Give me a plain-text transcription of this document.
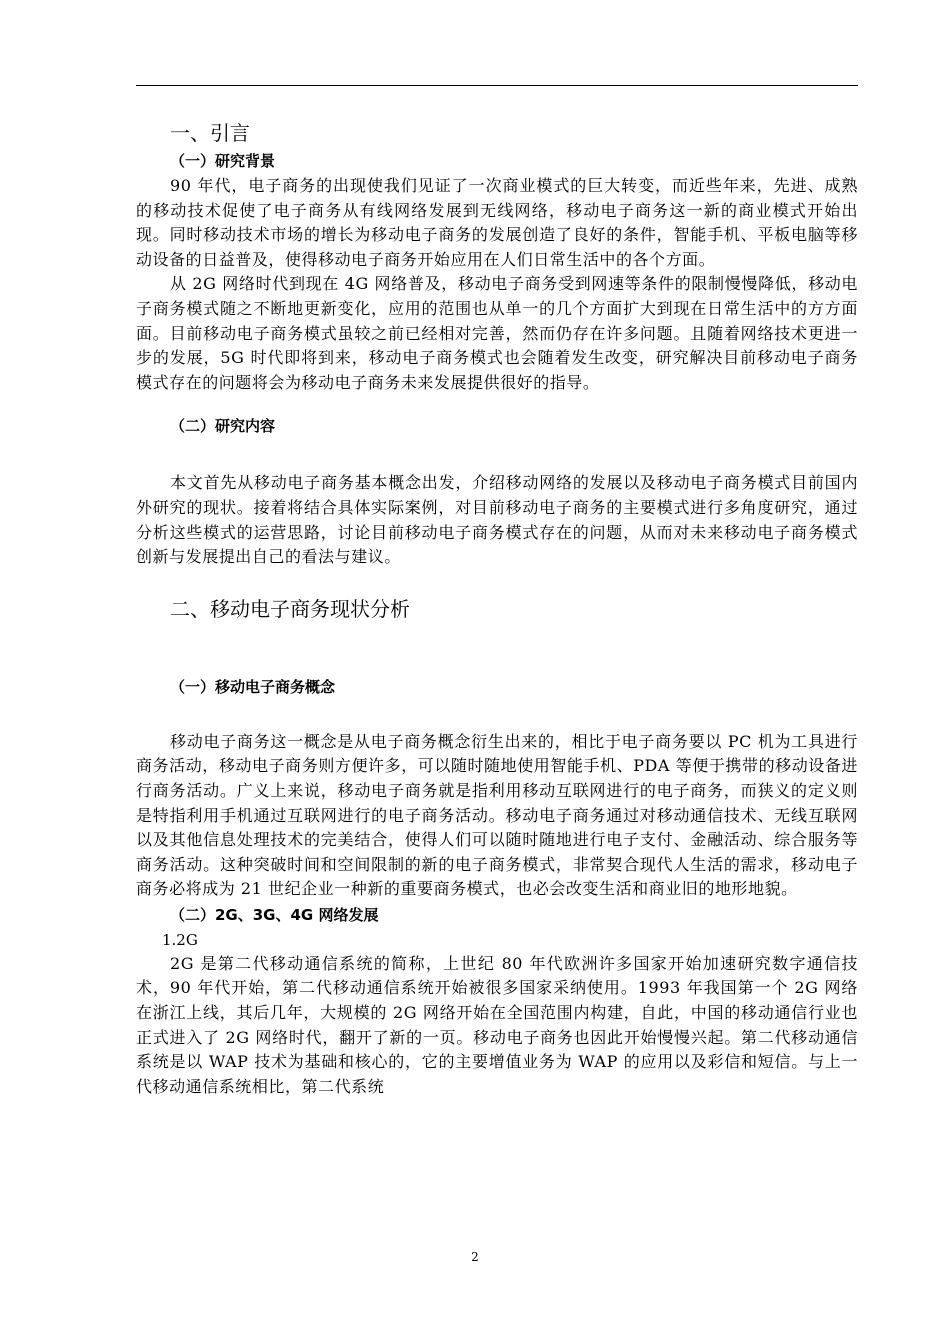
一、引言
（一）研究背景

90 年代，电子商务的出现使我们见证了一次商业模式的巨大转变，而近些年来，先进、成熟的移动技术促使了电子商务从有线网络发展到无线网络，移动电子商务这一新的商业模式开始出现。同时移动技术市场的增长为移动电子商务的发展创造了良好的条件，智能手机、平板电脑等移动设备的日益普及，使得移动电子商务开始应用在人们日常生活中的各个方面。

从 2G 网络时代到现在 4G 网络普及，移动电子商务受到网速等条件的限制慢慢降低，移动电子商务模式随之不断地更新变化，应用的范围也从单一的几个方面扩大到现在日常生活中的方方面面。目前移动电子商务模式虽较之前已经相对完善，然而仍存在许多问题。且随着网络技术更进一步的发展，5G 时代即将到来，移动电子商务模式也会随着发生改变，研究解决目前移动电子商务模式存在的问题将会为移动电子商务未来发展提供很好的指导。

（二）研究内容

本文首先从移动电子商务基本概念出发，介绍移动网络的发展以及移动电子商务模式目前国内外研究的现状。接着将结合具体实际案例，对目前移动电子商务的主要模式进行多角度研究，通过分析这些模式的运营思路，讨论目前移动电子商务模式存在的问题，从而对未来移动电子商务模式创新与发展提出自己的看法与建议。

二、移动电子商务现状分析
（一）移动电子商务概念

移动电子商务这一概念是从电子商务概念衍生出来的，相比于电子商务要以 PC 机为工具进行商务活动，移动电子商务则方便许多，可以随时随地使用智能手机、PDA 等便于携带的移动设备进行商务活动。广义上来说，移动电子商务就是指利用移动互联网进行的电子商务，而狭义的定义则是特指利用手机通过互联网进行的电子商务活动。移动电子商务通过对移动通信技术、无线互联网以及其他信息处理技术的完美结合，使得人们可以随时随地进行电子支付、金融活动、综合服务等商务活动。这种突破时间和空间限制的新的电子商务模式，非常契合现代人生活的需求，移动电子商务必将成为 21 世纪企业一种新的重要商务模式，也必会改变生活和商业旧的地形地貌。

（二）2G、3G、4G 网络发展
1.2G

2G 是第二代移动通信系统的简称，上世纪 80 年代欧洲许多国家开始加速研究数字通信技术，90 年代开始，第二代移动通信系统开始被很多国家采纳使用。1993 年我国第一个 2G 网络在浙江上线，其后几年，大规模的 2G 网络开始在全国范围内构建，自此，中国的移动通信行业也正式进入了 2G 网络时代，翻开了新的一页。移动电子商务也因此开始慢慢兴起。第二代移动通信系统是以 WAP 技术为基础和核心的，它的主要增值业务为 WAP 的应用以及彩信和短信。与上一代移动通信系统相比，第二代系统

2
